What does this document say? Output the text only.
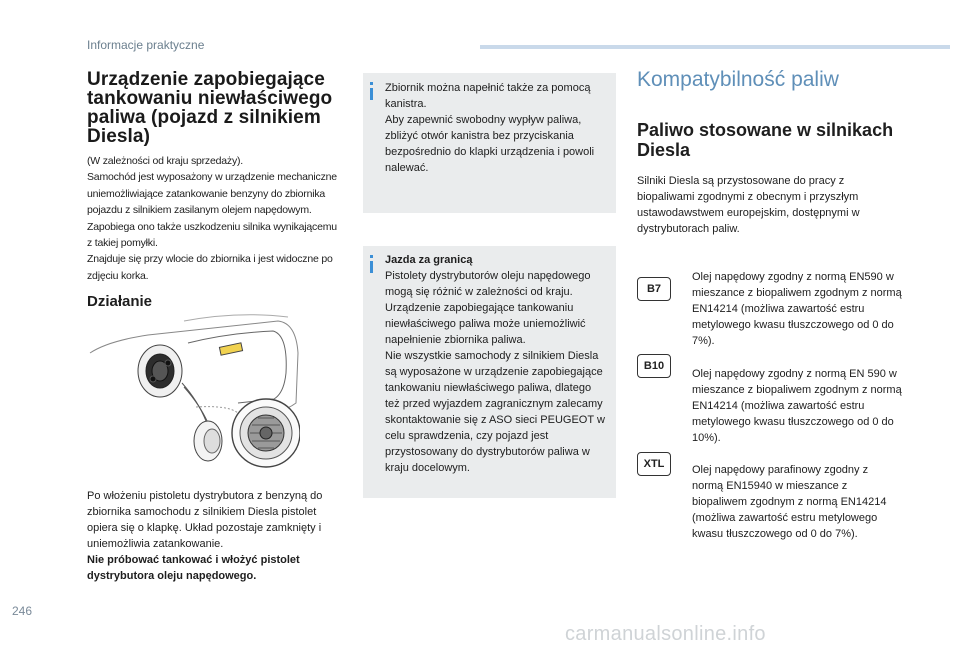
Informacje praktyczne
Urządzenie zapobiegające tankowaniu niewłaściwego paliwa (pojazd z silnikiem Diesla)

(W zależności od kraju sprzedaży).
Samochód jest wyposażony w urządzenie mechaniczne uniemożliwiające zatankowanie benzyny do zbiornika pojazdu z silnikiem zasilanym olejem napędowym. Zapobiega ono także uszkodzeniu silnika wynikającemu z takiej pomyłki.
Znajduje się przy wlocie do zbiornika i jest widoczne po zdjęciu korka.

Działanie
Po włożeniu pistoletu dystrybutora z benzyną do zbiornika samochodu z silnikiem Diesla pistolet opiera się o klapkę. Układ pozostaje zamknięty i uniemożliwia zatankowanie.
Nie próbować tankować i włożyć pistolet dystrybutora oleju napędowego.
Zbiornik można napełnić także za pomocą kanistra.
Aby zapewnić swobodny wypływ paliwa, zbliżyć otwór kanistra bez przyciskania bezpośrednio do klapki urządzenia i powoli nalewać.
Jazda za granicą
Pistolety dystrybutorów oleju napędowego mogą się różnić w zależności od kraju. Urządzenie zapobiegające tankowaniu niewłaściwego paliwa może uniemożliwić napełnienie zbiornika paliwa.
Nie wszystkie samochody z silnikiem Diesla są wyposażone w urządzenie zapobiegające tankowaniu niewłaściwego paliwa, dlatego też przed wyjazdem zagranicznym zalecamy skontaktowanie się z ASO sieci PEUGEOT w celu sprawdzenia, czy pojazd jest przystosowany do dystrybutorów paliwa w kraju docelowym.
Kompatybilność paliw
Paliwo stosowane w silnikach Diesla

Silniki Diesla są przystosowane do pracy z biopaliwami zgodnymi z obecnym i przyszłym ustawodawstwem europejskim, dostępnymi w dystrybutorach paliw.

B7
Olej napędowy zgodny z normą EN590 w mieszance z biopaliwem zgodnym z normą EN14214 (możliwa zawartość estru metylowego kwasu tłuszczowego od 0 do 7%).
B10
Olej napędowy zgodny z normą EN 590 w mieszance z biopaliwem zgodnym z normą EN14214 (możliwa zawartość estru metylowego kwasu tłuszczowego od 0 do 10%).
XTL	Olej napędowy parafinowy zgodny z normą EN15940 w mieszance z biopaliwem zgodnym z normą EN14214 (możliwa zawartość estru metylowego kwasu tłuszczowego od 0 do 7%).
246
carmanualsonline.info
